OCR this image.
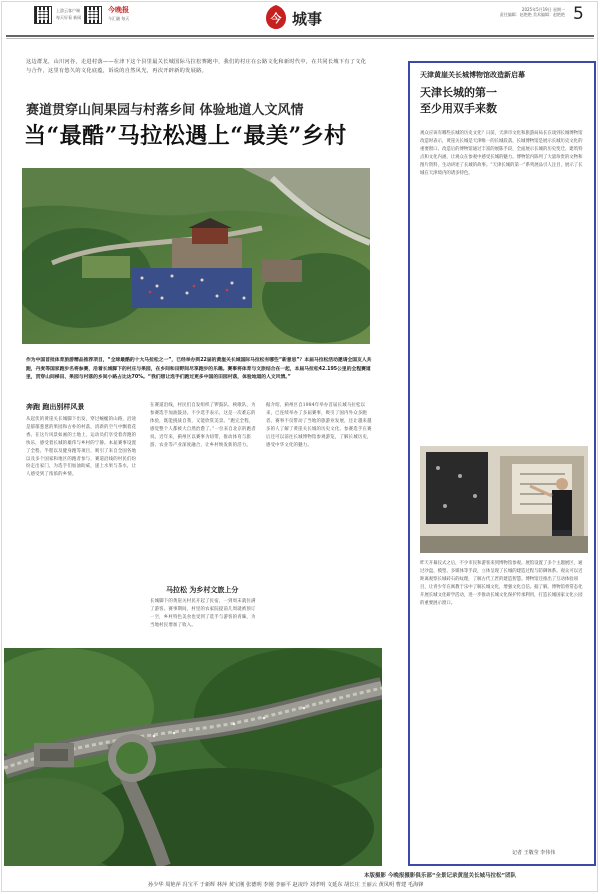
上游云客户端
每天好看 新闻
今晚报
今汇融 每天	今 城事
2025年5月19日 星期一
责任编辑：赵艳艳 美术编辑：赵艳艳 5
这边群龙，山川河谷，走进村落——在津下这个县里最关长城国际马拉松赛跑中，我们的村庄在公路文化和新时代中，在共同长城下有了文化与合作，这里有悠久的文化底蕴，诉说的自然风光，再次开辟新的发展路。
赛道贯穿山间果园与村落乡间 体验地道人文风情
当“最酷”马拉松遇上“最美”乡村
作为中国首批体育旅游精品推荐项目，“全球最酷的十大马拉松之一”，已经举办到22届的黄崖关长城国际马拉松有哪些“新意思”？本届马拉松活动邀请全国友人共跑，丹麦等国家跑步名将参赛，沿着长城脚下的村庄与果园，在乡间和田野间尽享跑步的乐趣。赛事将体育与文旅结合在一起，本届马拉松42.195公里的全程赛道里，贯穿山间梯田、果园与村落的乡间小路占比达70%。“我们想让选手们跑过更多中国的田园村落，体验地道的人文风情。”
奔跑 跑出别样风景
从起伏的黄崖关长城脚下出发，穿过蜿蜒的山路，沿途是郁郁葱葱的果园和古朴的村落，清新的空气中飘着花香。在这片风景如画的土地上，运动员们享受着奔跑的快乐，感受着长城的雄伟与乡村的宁静。本届赛事设置了全程、半程以及健身跑等项目，吸引了来自全国各地以及多个国家和地区的跑者参与，赛道沿线的村民们纷纷走出家门，为选手们加油助威，递上水果与茶水，让人感受到了浓浓的乡情。
在赛道沿线，村民们自发组织了锣鼓队、秧歌队，为参赛选手加油鼓劲。不少选手表示，这是一次难忘的体验，既能挑战自我，又能欣赏美景。“跑完全程，感觉整个人都被大自然治愈了。”一位来自北京的跑者说。近年来，蓟州区以赛事为纽带，推动体育与旅游、农业等产业深度融合，让乡村焕发新的活力。
马拉松 为乡村文旅上分
长城脚下的黄崖关村民开起了民宿，一到周末就住满了游客。赛事期间，村里的农家院提前几周就被预订一空，乡村特色美食也受到了选手与游客的青睐，为当地村民增加了收入。
据介绍，蓟州区自1984年举办首届长城马拉松以来，已连续举办了多届赛事，吸引了国内外众多跑者。赛事不仅带动了当地的旅游业发展，还让越来越多的人了解了黄崖关长城的历史文化。参赛选手在赛后还可以前往长城博物馆参观游览，了解长城历史，感受中华文化的魅力。
天津黄崖关长城博物馆改造新启幕
天津长城的第一
至少用双手来数
观众应该有哪些长城的历史文化？日前，天津市文化和旅游局局长在谈到长城博物馆改造时表示，黄崖关长城是天津唯一的长城段落，长城博物馆是展示长城历史文化的重要窗口。改造后的博物馆通过丰富的展陈手段，全面展示长城的历史变迁、建筑特点和文化内涵，让观众在参观中感受长城的魅力。博物馆内陈列了大量珍贵的文物和图片资料，生动讲述了长城的故事。“天津长城的第一”系列展品引人注目，展示了长城在天津境内的诸多特色。
昨天开幕仪式之后，不少市民和游客来到博物馆参观。展馆设置了多个主题展区，通过沙盘、模型、多媒体等手段，立体呈现了长城的建造过程与防御体系。观众可以近距离观察长城砖石的纹理，了解古代工匠的建造智慧。博物馆还推出了互动体验项目，让青少年在寓教于乐中了解长城文化，增强文化自信。据了解，博物馆将常态化开展长城文化研学活动，进一步推动长城文化保护传承利用，打造长城国家文化公园的重要展示窗口。
记者 王敬莹 李伟伟
本版摄影 今晚报摄影俱乐部“全景记录黄崖关长城马拉松”团队
孙少华 周艳萍 冯宝平 于新辉 林萍 黄宝刚 张德明 李刚 李丽平 赵凌玲 刘孝明 文延东 胡长庄 王丽云 黄凤明 曹建 毛海锋
